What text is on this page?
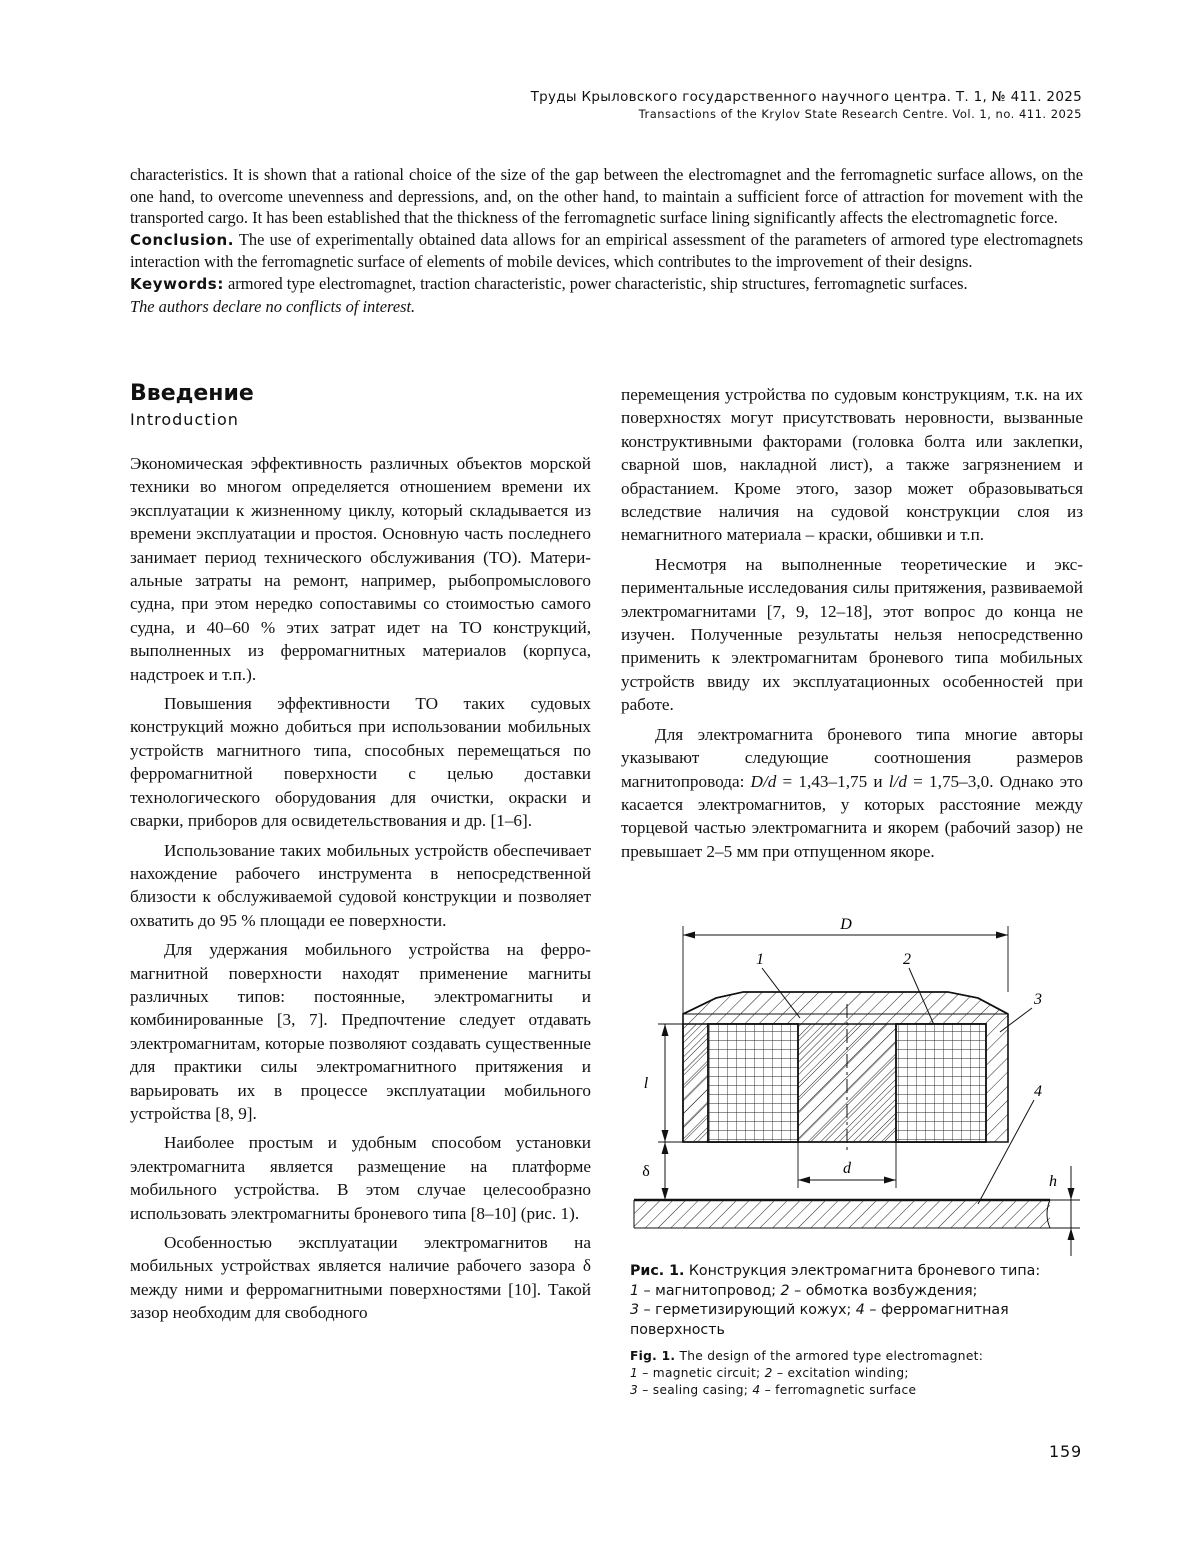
Труды Крыловского государственного научного центра. Т. 1, № 411. 2025
Transactions of the Krylov State Research Centre. Vol. 1, no. 411. 2025

characteristics. It is shown that a rational choice of the size of the gap between the electromagnet and the ferromagnetic surface allows, on the one hand, to overcome unevenness and depressions, and, on the other hand, to maintain a sufficient force of attraction for movement with the transported cargo. It has been established that the thickness of the ferromagnetic surface lining significantly affects the electromagnetic force.

Conclusion. The use of experimentally obtained data allows for an empirical assessment of the parameters of armored type electromagnets interaction with the ferromagnetic surface of elements of mobile devices, which contributes to the improvement of their designs.

Keywords: armored type electromagnet, traction characteristic, power characteristic, ship structures, ferromagnetic surfaces.

The authors declare no conflicts of interest.

Введение
Introduction

Экономическая эффективность различных объектов морской техники во многом определяется отношением времени их эксплуатации к жизненному циклу, который складывается из времени эксплуатации и простоя. Основную часть последнего занимает период технического обслуживания (ТО). Материальные затраты на ремонт, например, рыбопромыслового судна, при этом нередко сопоставимы со стоимостью самого судна, и 40–60 % этих затрат идет на ТО конструкций, выполненных из ферромагнитных материалов (корпуса, надстроек и т.п.).

Повышения эффективности ТО таких судовых конструкций можно добиться при использовании мобильных устройств магнитного типа, способных перемещаться по ферромагнитной поверхности с целью доставки технологического оборудования для очистки, окраски и сварки, приборов для освидетельствования и др. [1–6].

Использование таких мобильных устройств обеспечивает нахождение рабочего инструмента в непосредственной близости к обслуживаемой судовой конструкции и позволяет охватить до 95 % площади ее поверхности.

Для удержания мобильного устройства на ферромагнитной поверхности находят применение магниты различных типов: постоянные, электромагниты и комбинированные [3, 7]. Предпочтение следует отдавать электромагнитам, которые позволяют создавать существенные для практики силы электромагнитного притяжения и варьировать их в процессе эксплуатации мобильного устройства [8, 9].

Наиболее простым и удобным способом установки электромагнита является размещение на платформе мобильного устройства. В этом случае целесообразно использовать электромагниты броневого типа [8–10] (рис. 1).

Особенностью эксплуатации электромагнитов на мобильных устройствах является наличие рабочего зазора δ между ними и ферромагнитными поверхностями [10]. Такой зазор необходим для свободного

перемещения устройства по судовым конструкциям, т.к. на их поверхностях могут присутствовать неровности, вызванные конструктивными факторами (головка болта или заклепки, сварной шов, накладной лист), а также загрязнением и обрастанием. Кроме этого, зазор может образовываться вследствие наличия на судовой конструкции слоя из немагнитного материала – краски, обшивки и т.п.

Несмотря на выполненные теоретические и экспериментальные исследования силы притяжения, развиваемой электромагнитами [7, 9, 12–18], этот вопрос до конца не изучен. Полученные результаты нельзя непосредственно применить к электромагнитам броневого типа мобильных устройств ввиду их эксплуатационных особенностей при работе.

Для электромагнита броневого типа многие авторы указывают следующие соотношения размеров магнитопровода: D/d = 1,43–1,75 и l/d = 1,75–3,0. Однако это касается электромагнитов, у которых расстояние между торцевой частью электромагнита и якорем (рабочий зазор) не превышает 2–5 мм при отпущенном якоре.

D
1	2
3
4
l
δ	d
h
Рис. 1. Конструкция электромагнита броневого типа:
1 – магнитопровод; 2 – обмотка возбуждения;
3 – герметизирующий кожух; 4 – ферромагнитная поверхность
Fig. 1. The design of the armored type electromagnet:
1 – magnetic circuit; 2 – excitation winding;
3 – sealing casing; 4 – ferromagnetic surface
159
